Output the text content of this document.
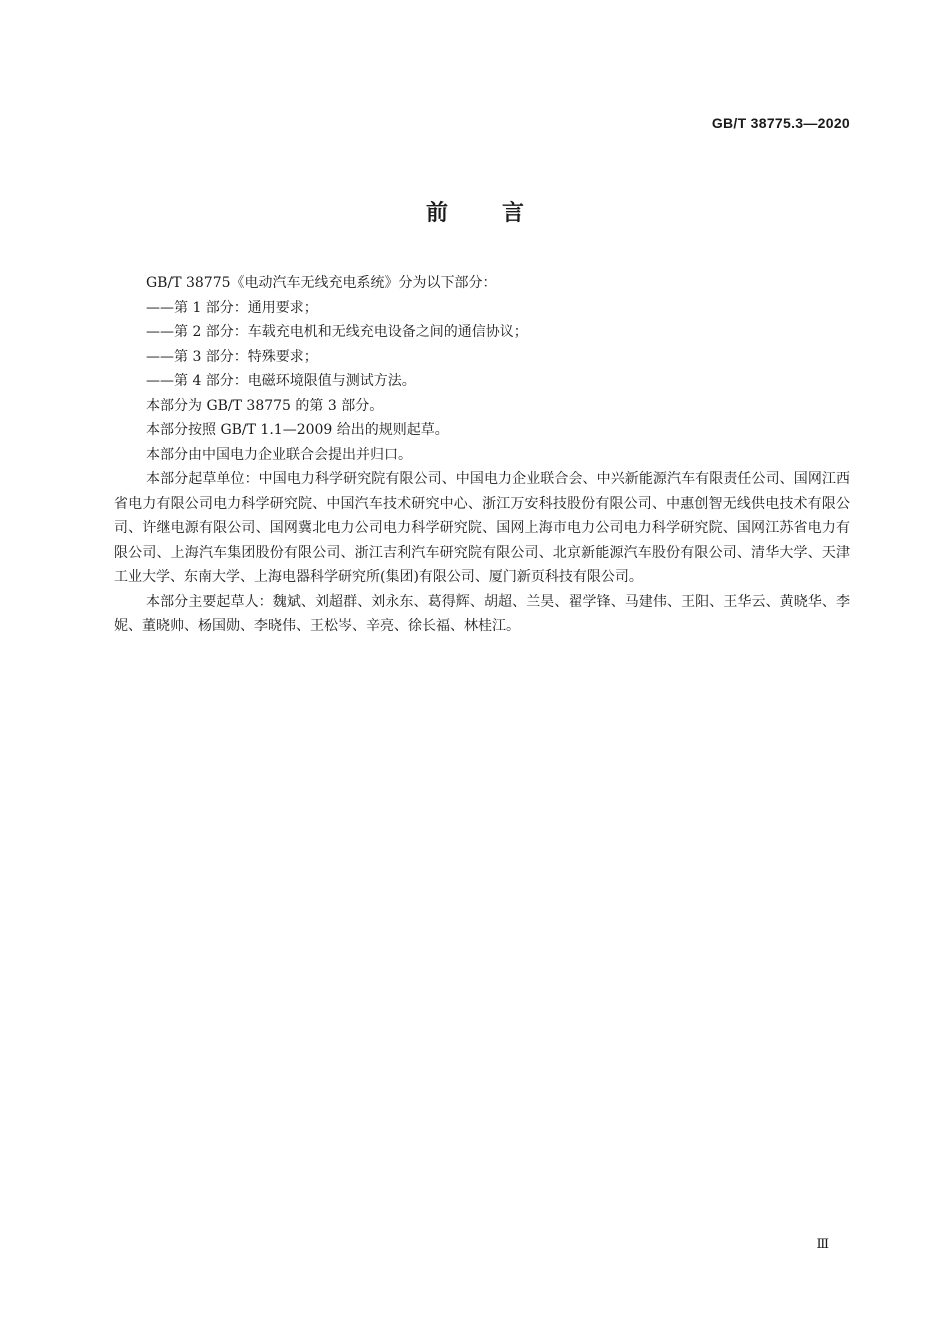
GB/T 38775.3—2020
前言

GB/T 38775《电动汽车无线充电系统》分为以下部分：

——第 1 部分：通用要求；

——第 2 部分：车载充电机和无线充电设备之间的通信协议；

——第 3 部分：特殊要求；

——第 4 部分：电磁环境限值与测试方法。

本部分为 GB/T 38775 的第 3 部分。

本部分按照 GB/T 1.1—2009 给出的规则起草。

本部分由中国电力企业联合会提出并归口。

本部分起草单位：中国电力科学研究院有限公司、中国电力企业联合会、中兴新能源汽车有限责任公司、国网江西省电力有限公司电力科学研究院、中国汽车技术研究中心、浙江万安科技股份有限公司、中惠创智无线供电技术有限公司、许继电源有限公司、国网冀北电力公司电力科学研究院、国网上海市电力公司电力科学研究院、国网江苏省电力有限公司、上海汽车集团股份有限公司、浙江吉利汽车研究院有限公司、北京新能源汽车股份有限公司、清华大学、天津工业大学、东南大学、上海电器科学研究所(集团)有限公司、厦门新页科技有限公司。

本部分主要起草人：魏斌、刘超群、刘永东、葛得辉、胡超、兰昊、翟学锋、马建伟、王阳、王华云、黄晓华、李妮、董晓帅、杨国勋、李晓伟、王松岑、辛亮、徐长福、林桂江。

Ⅲ
